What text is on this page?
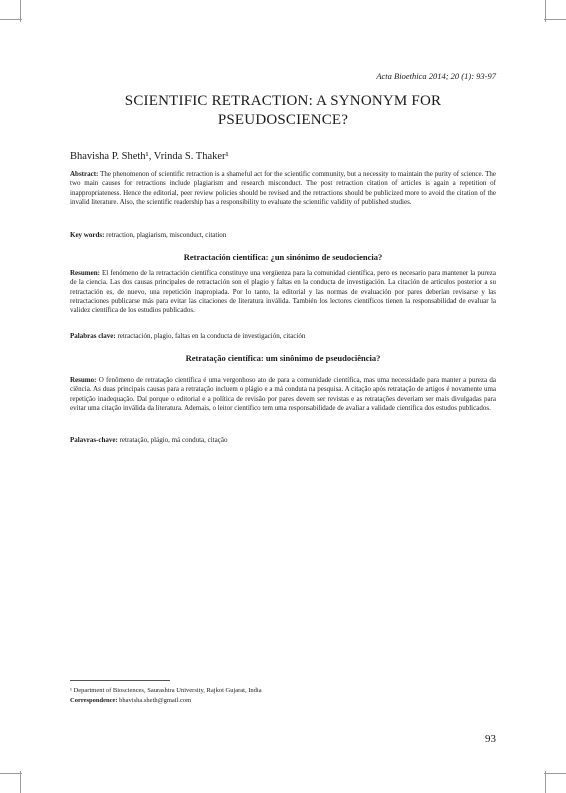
Acta Bioethica 2014; 20 (1): 93-97
SCIENTIFIC RETRACTION: A SYNONYM FOR
PSEUDOSCIENCE?
Bhavisha P. Sheth¹, Vrinda S. Thaker¹
Abstract: The phenomenon of scientific retraction is a shameful act for the scientific community, but a necessity to maintain the purity of science. The two main causes for retractions include plagiarism and research misconduct. The post retraction citation of articles is again a repetition of inappropriateness. Hence the editorial, peer review policies should be revised and the retractions should be publicized more to avoid the citation of the invalid literature. Also, the scientific readership has a responsibility to evaluate the scientific validity of published studies.
Key words: retraction, plagiarism, misconduct, citation
Retractación científica: ¿un sinónimo de seudociencia?
Resumen: El fenómeno de la retractación científica constituye una vergüenza para la comunidad científica, pero es necesario para mantener la pureza de la ciencia. Las dos causas principales de retractación son el plagio y faltas en la conducta de investigación. La citación de artículos posterior a su retractación es, de nuevo, una repetición inapropiada. Por lo tanto, la editorial y las normas de evaluación por pares deberían revisarse y las retractaciones publicarse más para evitar las citaciones de literatura inválida. También los lectores científicos tienen la responsabilidad de evaluar la validez científica de los estudios publicados.
Palabras clave: retractación, plagio, faltas en la conducta de investigación, citación
Retratação científica: um sinônimo de pseudociência?
Resumo: O fenômeno de retratação científica é uma vergonhoso ato de para a comunidade científica, mas uma necessidade para manter a pureza da ciência. As duas principais causas para a retratação incluem o plágio e a má conduta na pesquisa. A citação após retratação de artigos é novamente uma repetição inadequação. Daí porque o editorial e a política de revisão por pares devem ser revistas e as retratações deveriam ser mais divulgadas para evitar uma citação inválida da literatura. Ademais, o leitor científico tem uma responsabilidade de avaliar a validade científica dos estudos publicados.
Palavras-chave: retratação, plágio, má conduta, citação
¹ Department of Biosciences, Saurashtra University, Rajkot Gujarat, India
Correspondence: bhavisha.sheth@gmail.com
93
